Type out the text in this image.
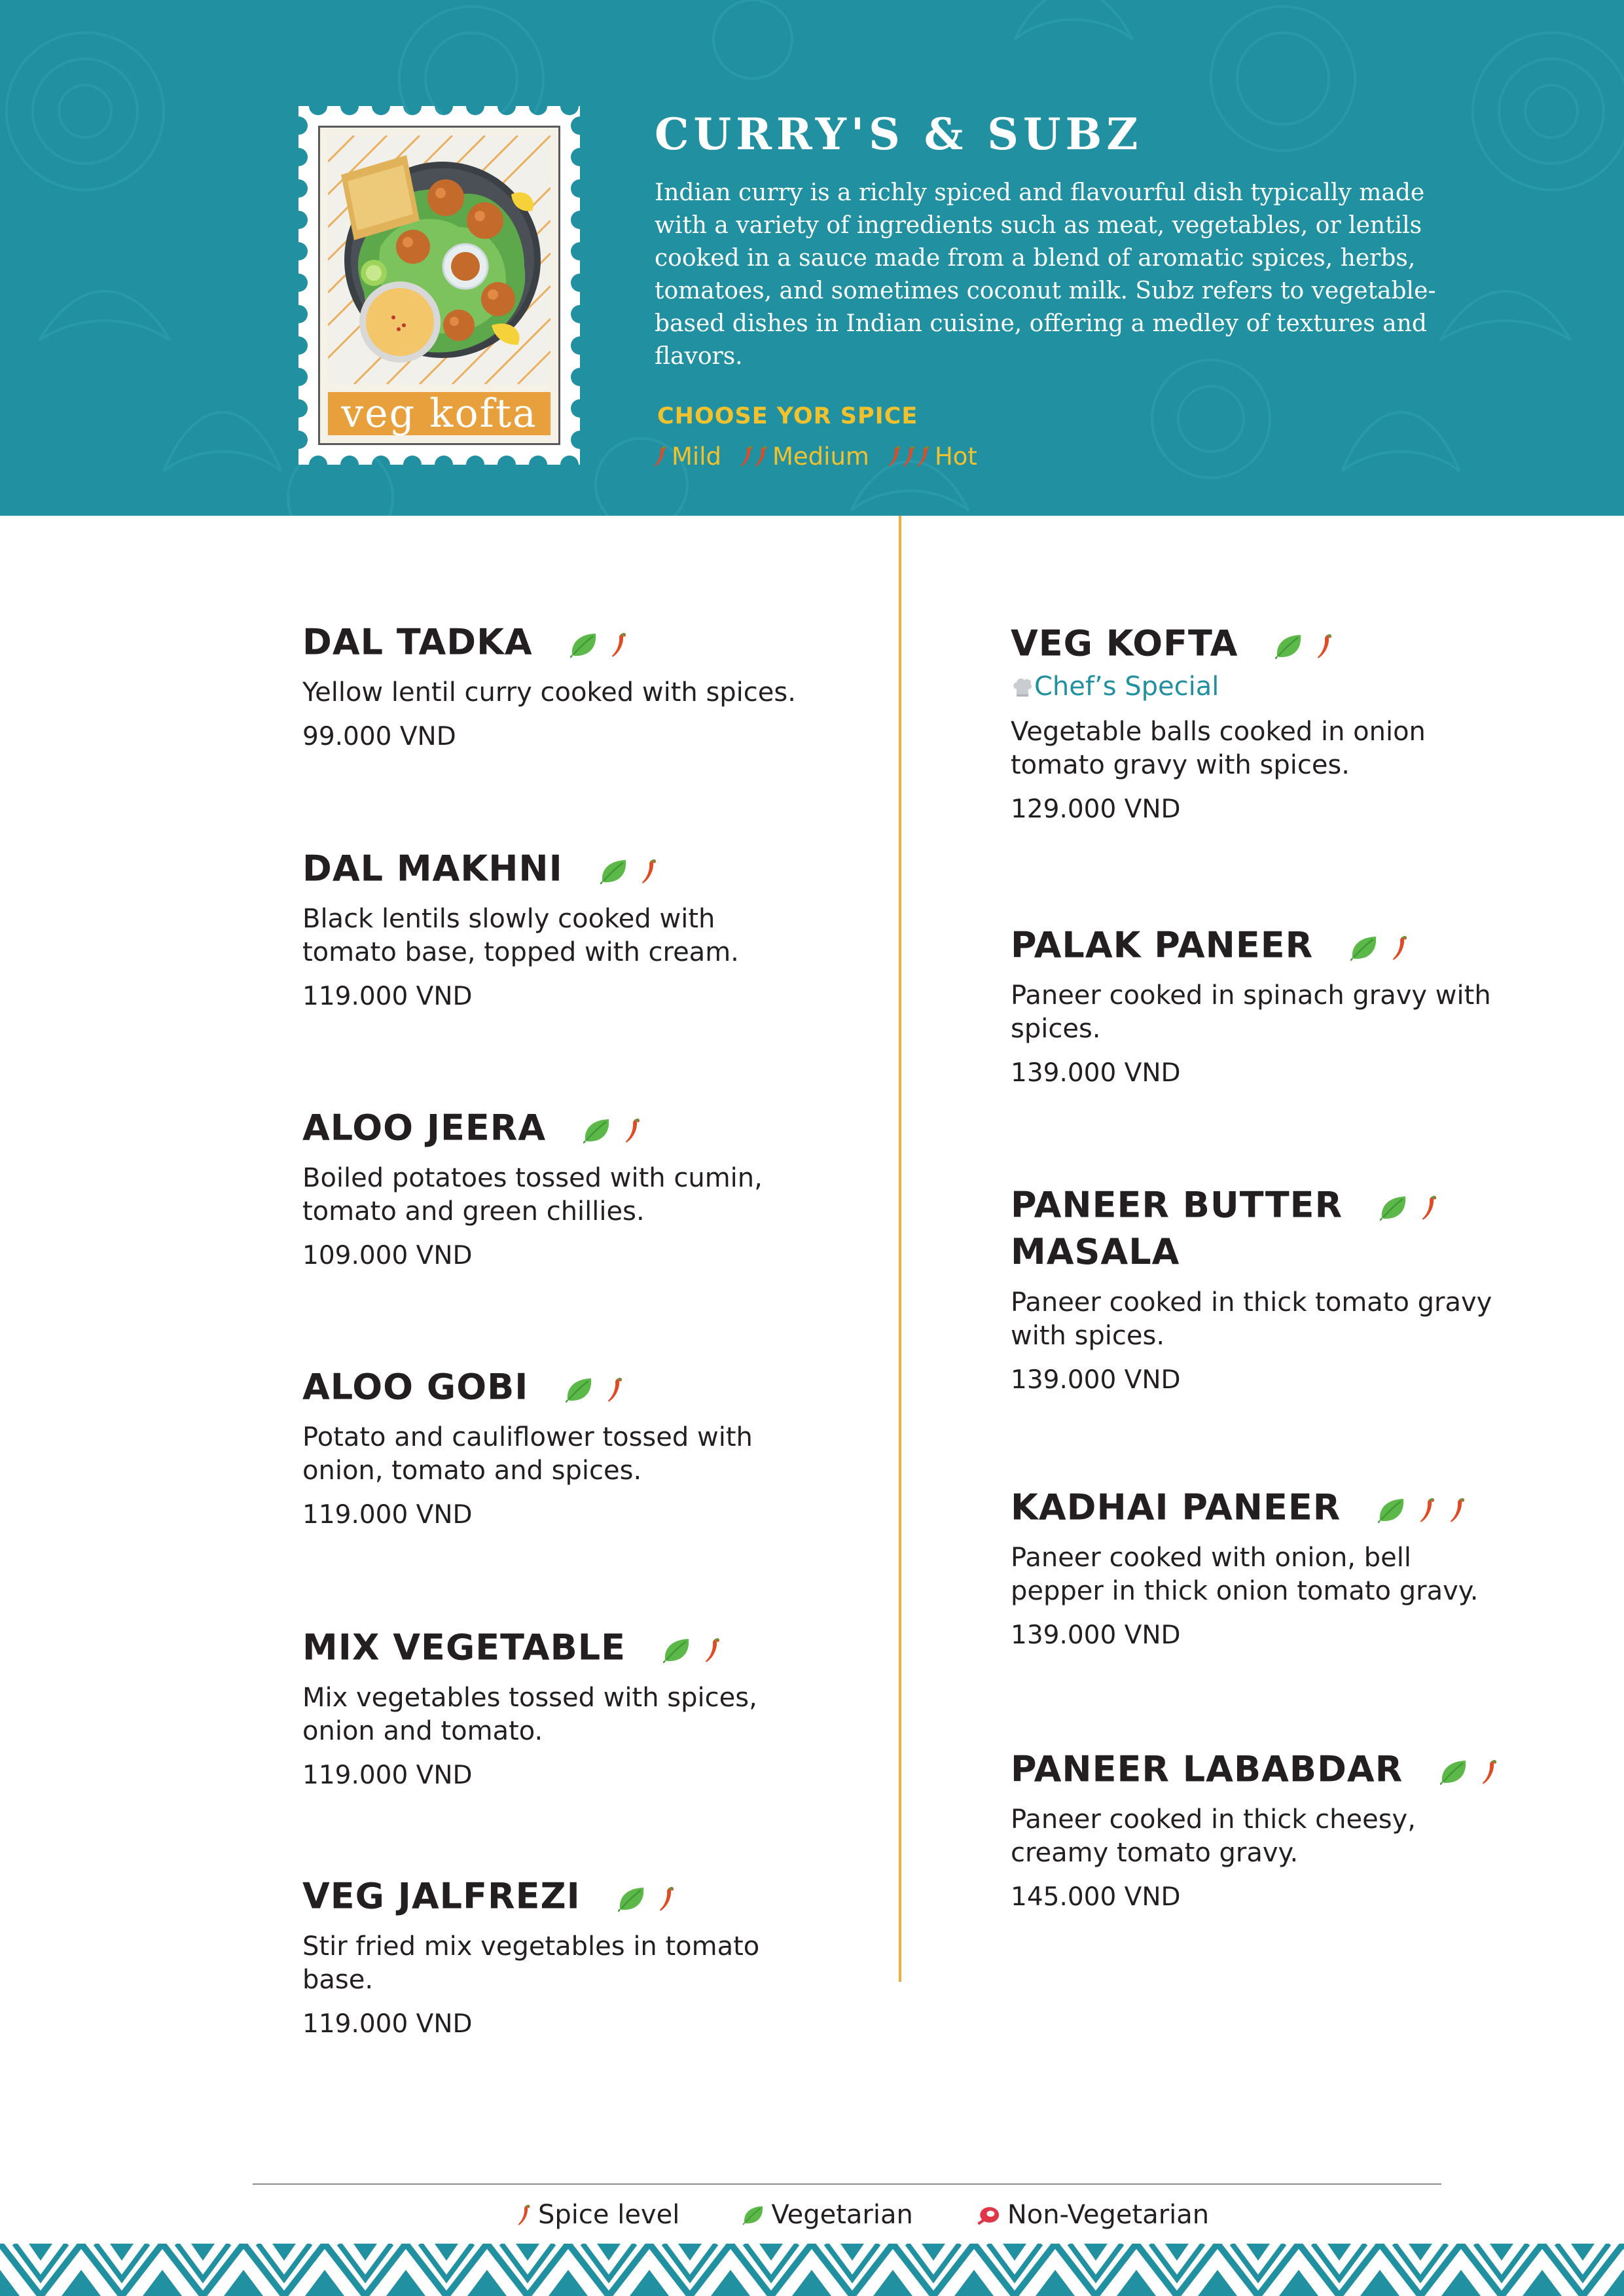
veg kofta
CURRY'S & SUBZ

Indian curry is a richly spiced and flavourful dish typically made with a variety of ingredients such as meat, vegetables, or lentils cooked in a sauce made from a blend of aromatic spices, herbs, tomatoes, and sometimes coconut milk. Subz refers to vegetable-based dishes in Indian cuisine, offering a medley of textures and flavors.

CHOOSE YOR SPICE
Mild Medium	Hot
DAL TADKA

Yellow lentil curry cooked with spices.

99.000 VND

DAL MAKHNI

Black lentils slowly cooked with tomato base, topped with cream.

119.000 VND

ALOO JEERA

Boiled potatoes tossed with cumin, tomato and green chillies.

109.000 VND

ALOO GOBI

Potato and cauliflower tossed with onion, tomato and spices.

119.000 VND

MIX VEGETABLE

Mix vegetables tossed with spices, onion and tomato.

119.000 VND

VEG JALFREZI

Stir fried mix vegetables in tomato base.

119.000 VND

VEG KOFTA
Chef’s Special

Vegetable balls cooked in onion tomato gravy with spices.

129.000 VND

PALAK PANEER

Paneer cooked in spinach gravy with spices.

139.000 VND

PANEER BUTTER
MASALA

Paneer cooked in thick tomato gravy with spices.

139.000 VND

KADHAI PANEER

Paneer cooked with onion, bell pepper in thick onion tomato gravy.

139.000 VND

PANEER LABABDAR

Paneer cooked in thick cheesy, creamy tomato gravy.

145.000 VND

Spice level	Vegetarian	Non-Vegetarian
